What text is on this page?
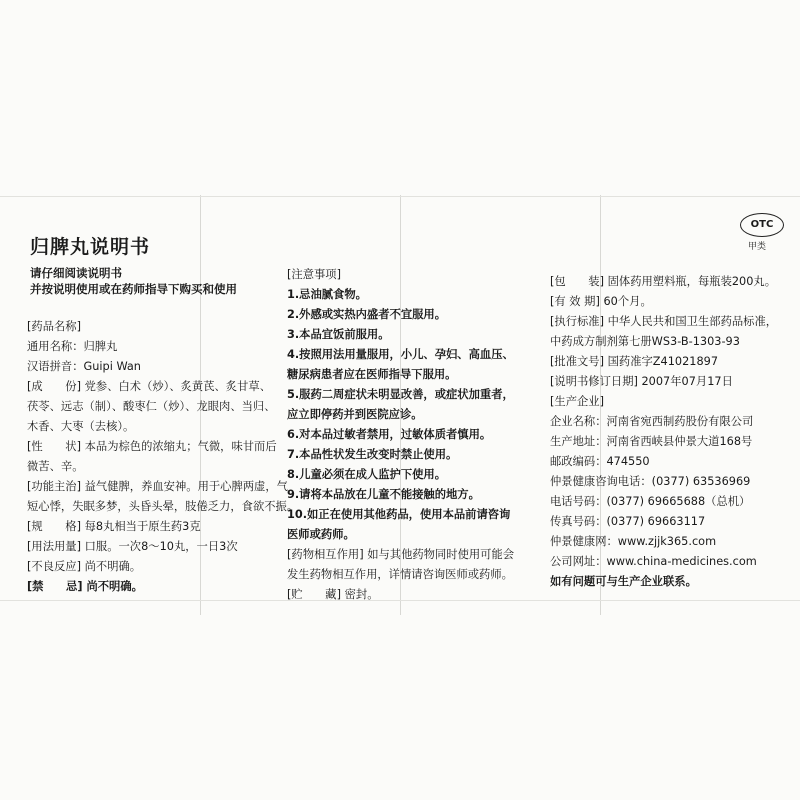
归脾丸说明书
OTC
甲类
请仔细阅读说明书
并按说明使用或在药师指导下购买和使用
[药品名称]
通用名称：归脾丸
汉语拼音：Guipi Wan
[成　　份] 党参、白术（炒）、炙黄芪、炙甘草、
茯苓、远志（制）、酸枣仁（炒）、龙眼肉、当归、
木香、大枣（去核）。
[性　　状] 本品为棕色的浓缩丸；气微，味甘而后
微苦、辛。
[功能主治] 益气健脾，养血安神。用于心脾两虚，气
短心悸，失眠多梦，头昏头晕，肢倦乏力，食欲不振。
[规　　格] 每8丸相当于原生药3克
[用法用量] 口服。一次8～10丸，一日3次
[不良反应] 尚不明确。
[禁　　忌] 尚不明确。
[注意事项]
1.忌油腻食物。
2.外感或实热内盛者不宜服用。
3.本品宜饭前服用。
4.按照用法用量服用，小儿、孕妇、高血压、
糖尿病患者应在医师指导下服用。
5.服药二周症状未明显改善，或症状加重者，
应立即停药并到医院应诊。
6.对本品过敏者禁用，过敏体质者慎用。
7.本品性状发生改变时禁止使用。
8.儿童必须在成人监护下使用。
9.请将本品放在儿童不能接触的地方。
10.如正在使用其他药品，使用本品前请咨询
医师或药师。
[药物相互作用] 如与其他药物同时使用可能会
发生药物相互作用，详情请咨询医师或药师。
[贮　　藏] 密封。
[包　　装] 固体药用塑料瓶，每瓶装200丸。
[有 效 期] 60个月。
[执行标准] 中华人民共和国卫生部药品标准，
中药成方制剂第七册WS3-B-1303-93
[批准文号] 国药准字Z41021897
[说明书修订日期] 2007年07月17日
[生产企业]
企业名称：河南省宛西制药股份有限公司
生产地址：河南省西峡县仲景大道168号
邮政编码：474550
仲景健康咨询电话：(0377) 63536969
电话号码：(0377) 69665688（总机）
传真号码：(0377) 69663117
仲景健康网：www.zjjk365.com
公司网址：www.china-medicines.com
如有问题可与生产企业联系。
